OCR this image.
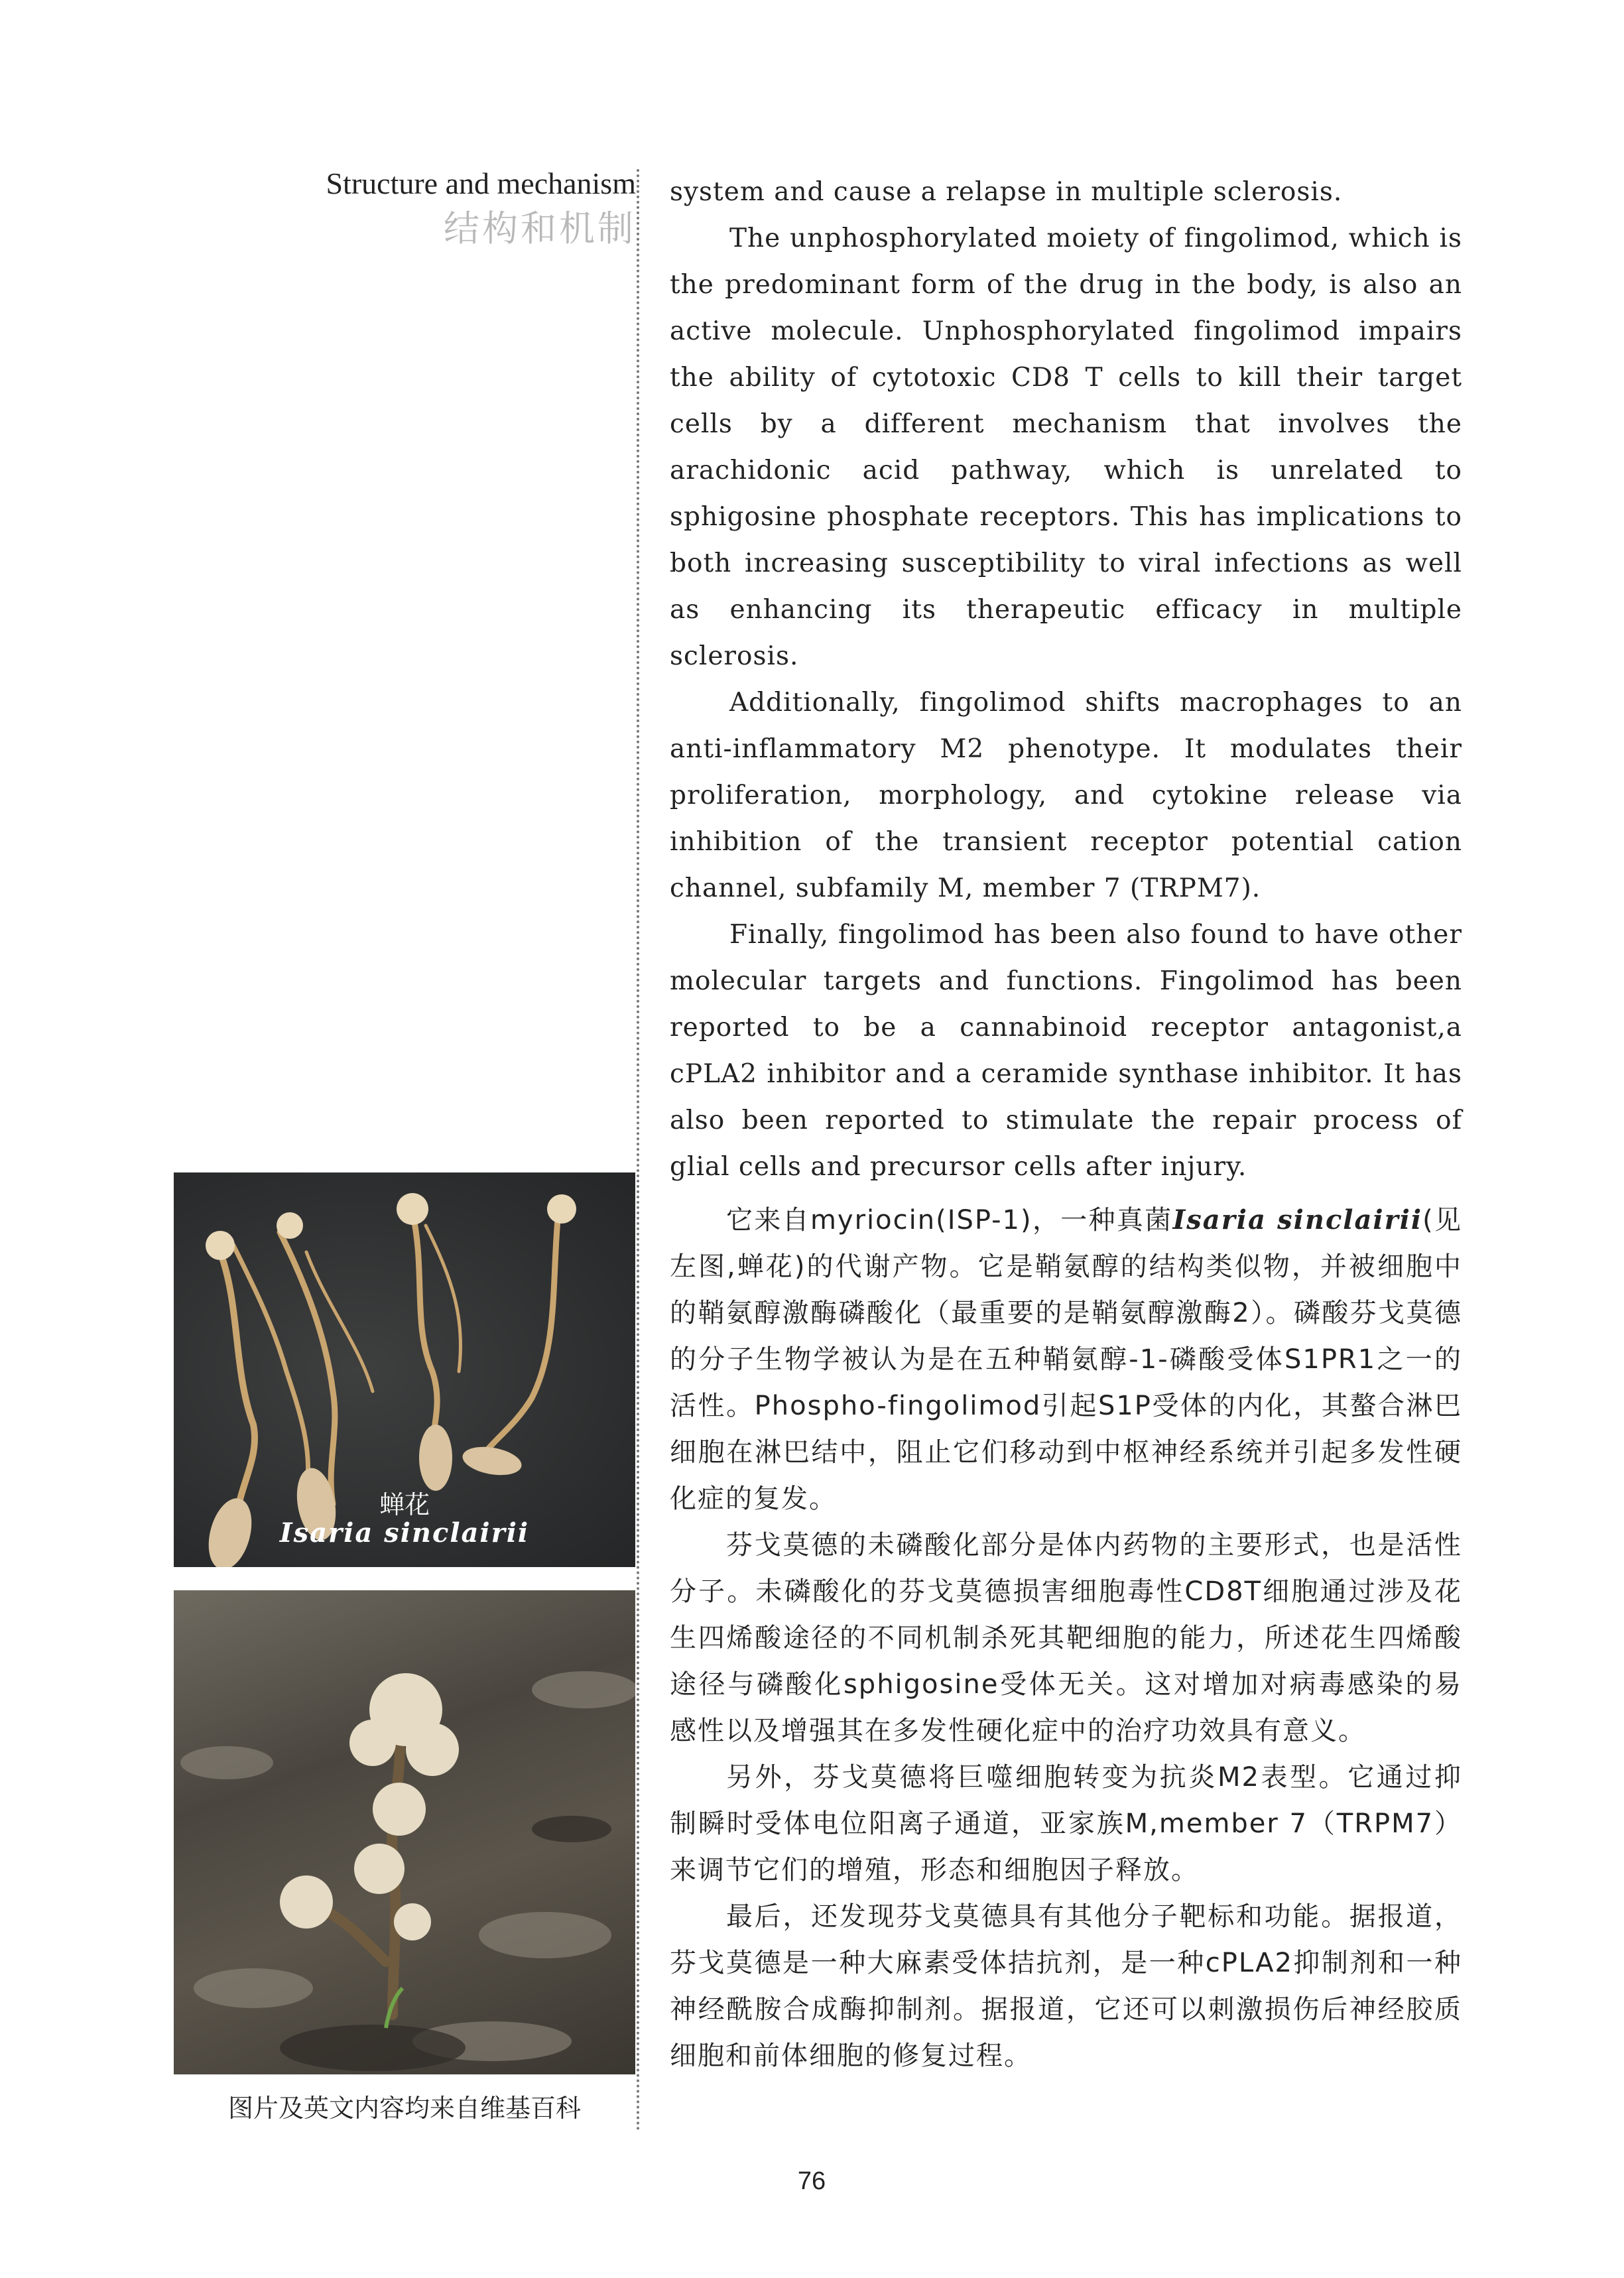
Structure and mechanism
结构和机制
蝉花
Isaria sinclairii
图片及英文内容均来自维基百科

system and cause a relapse in multiple sclerosis.

The unphosphorylated moiety of fingolimod, which is the predominant form of the drug in the body, is also an active molecule. Unphosphorylated fingolimod impairs the ability of cytotoxic CD8 T cells to kill their target cells by a different mechanism that involves the arachidonic acid pathway, which is unrelated to sphigosine phosphate receptors. This has implications to both increasing susceptibility to viral infections as well as enhancing its therapeutic efficacy in multiple sclerosis.

Additionally, fingolimod shifts macrophages to an anti-inflammatory M2 phenotype. It modulates their proliferation, morphology, and cytokine release via inhibition of the transient receptor potential cation channel, subfamily M, member 7 (TRPM7).

Finally, fingolimod has been also found to have other molecular targets and functions. Fingolimod has been reported to be a cannabinoid receptor antagonist,a cPLA2 inhibitor and a ceramide synthase inhibitor. It has also been reported to stimulate the repair process of glial cells and precursor cells after injury.

它来自myriocin(ISP-1)，一种真菌Isaria sinclairii(见左图,蝉花)的代谢产物。它是鞘氨醇的结构类似物，并被细胞中的鞘氨醇激酶磷酸化（最重要的是鞘氨醇激酶2）。磷酸芬戈莫德的分子生物学被认为是在五种鞘氨醇-1-磷酸受体S1PR1之一的活性。Phospho-fingolimod引起S1P受体的内化，其螯合淋巴细胞在淋巴结中，阻止它们移动到中枢神经系统并引起多发性硬化症的复发。

芬戈莫德的未磷酸化部分是体内药物的主要形式，也是活性分子。未磷酸化的芬戈莫德损害细胞毒性CD8T细胞通过涉及花生四烯酸途径的不同机制杀死其靶细胞的能力，所述花生四烯酸途径与磷酸化sphigosine受体无关。这对增加对病毒感染的易感性以及增强其在多发性硬化症中的治疗功效具有意义。

另外，芬戈莫德将巨噬细胞转变为抗炎M2表型。它通过抑制瞬时受体电位阳离子通道，亚家族M,member 7（TRPM7）来调节它们的增殖，形态和细胞因子释放。

最后，还发现芬戈莫德具有其他分子靶标和功能。据报道，芬戈莫德是一种大麻素受体拮抗剂，是一种cPLA2抑制剂和一种神经酰胺合成酶抑制剂。据报道，它还可以刺激损伤后神经胶质细胞和前体细胞的修复过程。

76
